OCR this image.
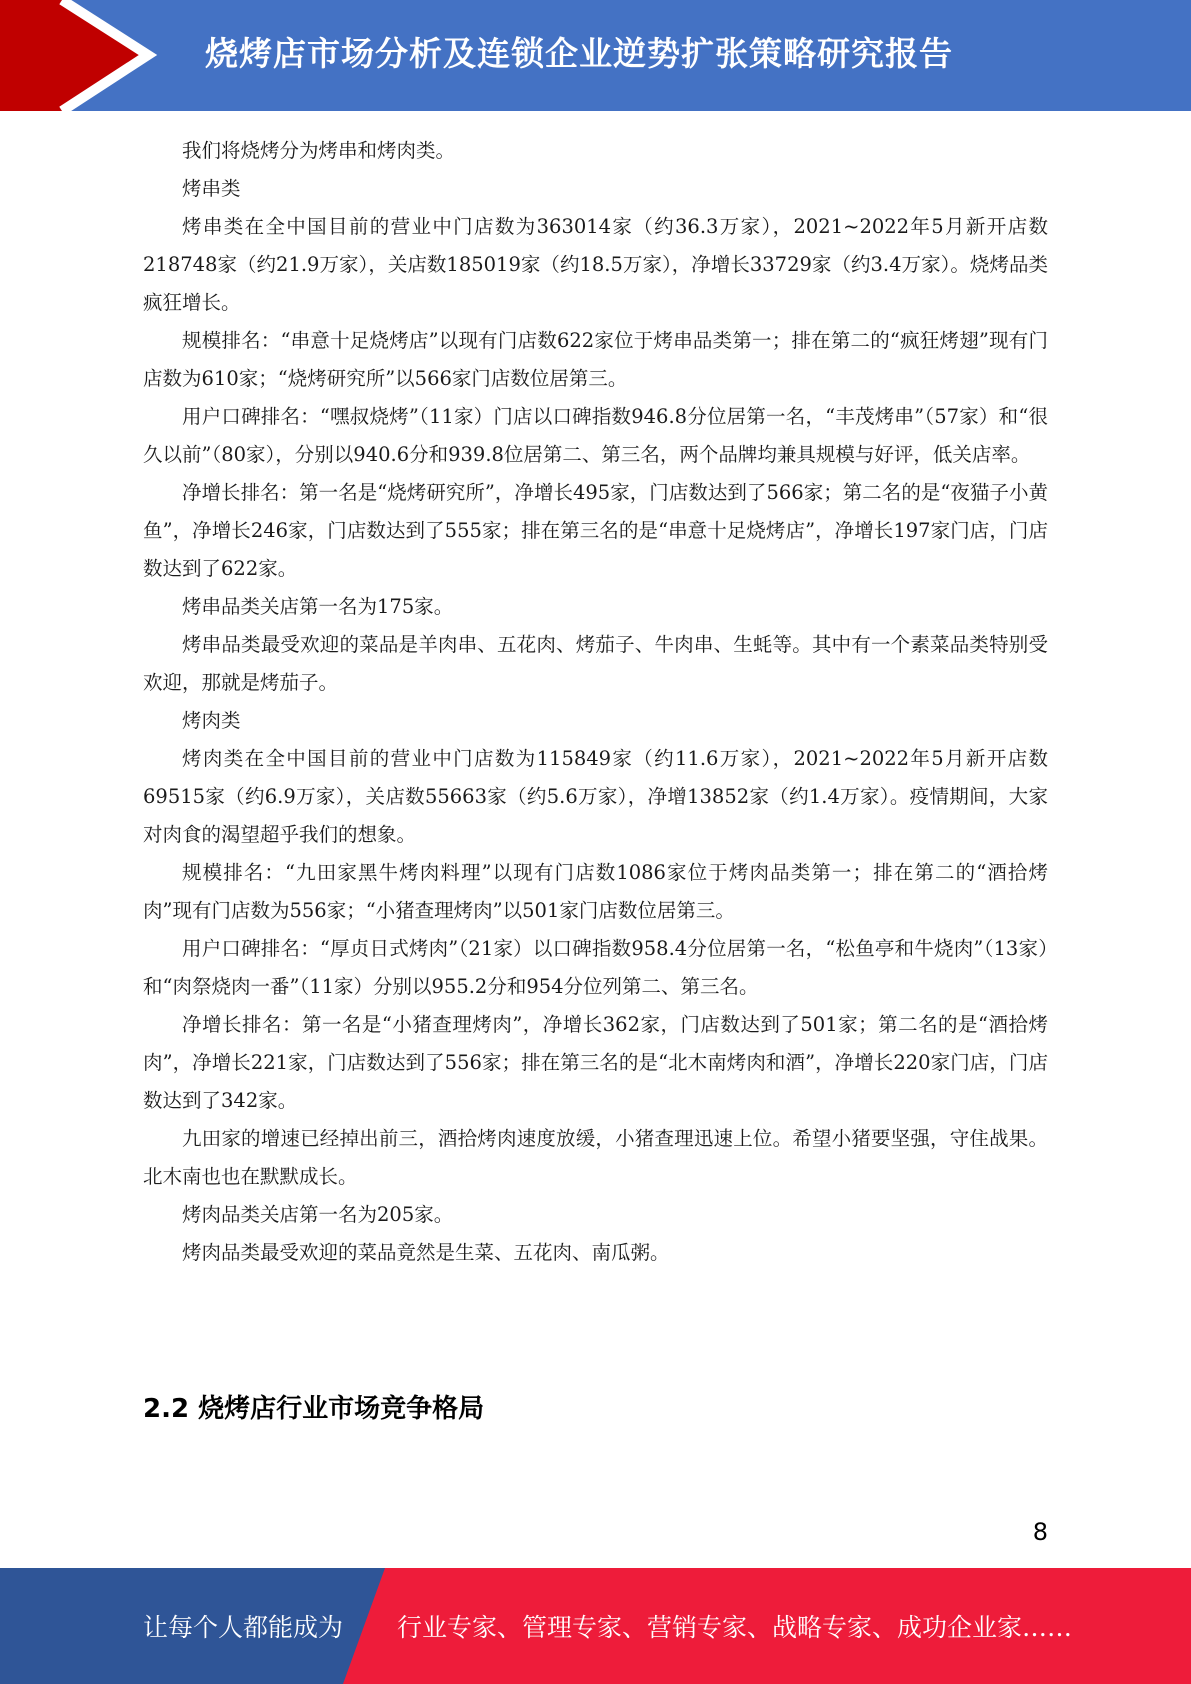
烧烤店市场分析及连锁企业逆势扩张策略研究报告

我们将烧烤分为烤串和烤肉类。

烤串类

烤串类在全中国目前的营业中门店数为363014家（约36.3万家），2021~2022年5月新开店数218748家（约21.9万家），关店数185019家（约18.5万家），净增长33729家（约3.4万家）。烧烤品类疯狂增长。

规模排名：“串意十足烧烤店”以现有门店数622家位于烤串品类第一；排在第二的“疯狂烤翅”现有门店数为610家；“烧烤研究所”以566家门店数位居第三。

用户口碑排名：“嘿叔烧烤”（11家）门店以口碑指数946.8分位居第一名，“丰茂烤串”（57家）和“很久以前”（80家），分别以940.6分和939.8位居第二、第三名，两个品牌均兼具规模与好评，低关店率。

净增长排名：第一名是“烧烤研究所”，净增长495家，门店数达到了566家；第二名的是“夜猫子小黄鱼”，净增长246家，门店数达到了555家；排在第三名的是“串意十足烧烤店”，净增长197家门店，门店数达到了622家。

烤串品类关店第一名为175家。

烤串品类最受欢迎的菜品是羊肉串、五花肉、烤茄子、牛肉串、生蚝等。其中有一个素菜品类特别受欢迎，那就是烤茄子。

烤肉类

烤肉类在全中国目前的营业中门店数为115849家（约11.6万家），2021~2022年5月新开店数69515家（约6.9万家），关店数55663家（约5.6万家），净增13852家（约1.4万家）。疫情期间，大家对肉食的渴望超乎我们的想象。

规模排名：“九田家黑牛烤肉料理”以现有门店数1086家位于烤肉品类第一；排在第二的“酒拾烤肉”现有门店数为556家；“小猪查理烤肉”以501家门店数位居第三。

用户口碑排名：“厚贞日式烤肉”（21家）以口碑指数958.4分位居第一名，“松鱼亭和牛烧肉”（13家）和“肉祭烧肉一番”（11家）分别以955.2分和954分位列第二、第三名。

净增长排名：第一名是“小猪查理烤肉”，净增长362家，门店数达到了501家；第二名的是“酒拾烤肉”，净增长221家，门店数达到了556家；排在第三名的是“北木南烤肉和酒”，净增长220家门店，门店数达到了342家。

九田家的增速已经掉出前三，酒拾烤肉速度放缓，小猪查理迅速上位。希望小猪要坚强，守住战果。北木南也也在默默成长。

烤肉品类关店第一名为205家。

烤肉品类最受欢迎的菜品竟然是生菜、五花肉、南瓜粥。

2.2 烧烤店行业市场竞争格局
8
让每个人都能成为 行业专家、管理专家、营销专家、战略专家、成功企业家……
